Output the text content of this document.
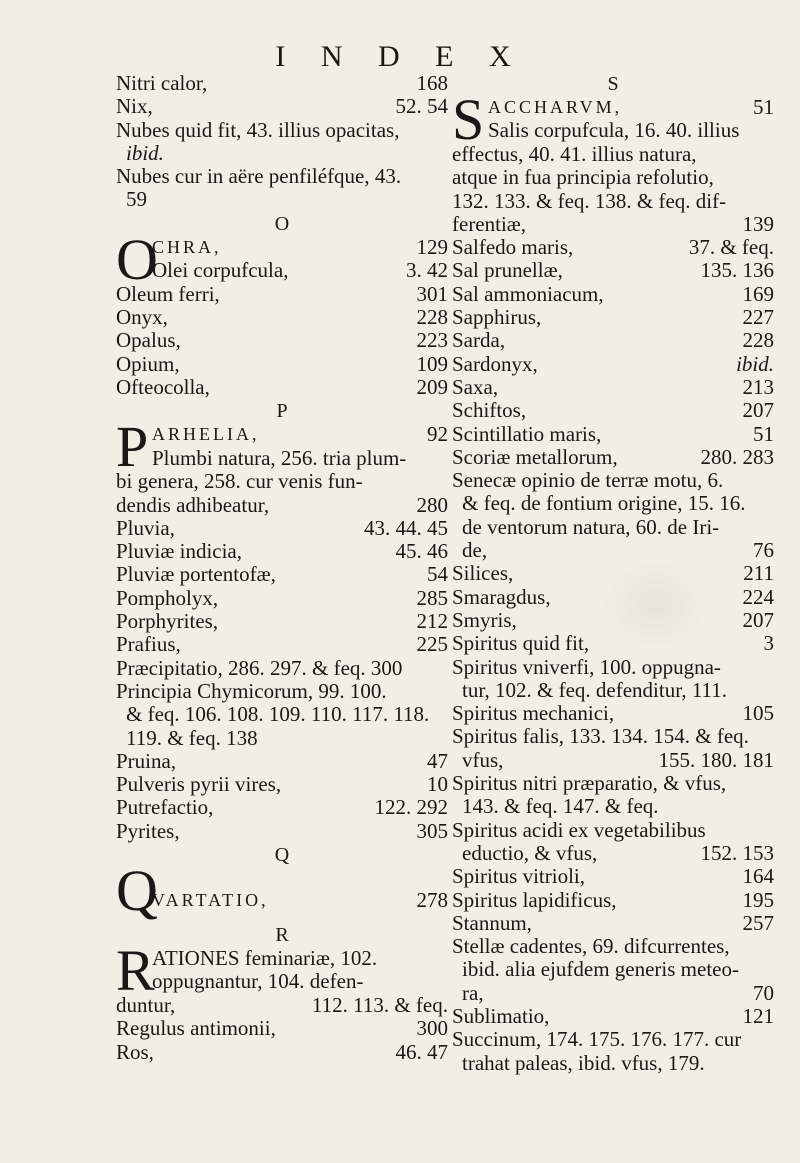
I N D E X
Nitri calor,	168
Nix,	52. 54
Nubes quid fit, 43. illius opacitas,
ibid.
Nubes cur in aëre penfiléfque, 43.
59
O
O
CHRA,	129
Olei corpufcula,	3. 42
Oleum ferri,	301
Onyx,	228
Opalus,	223
Opium,	109
Ofteocolla,	209
P
P ARHELIA,	92
Plumbi natura, 256. tria plum-
bi genera, 258. cur venis fun-
dendis adhibeatur,	280
Pluvia,	43. 44. 45
Pluviæ indicia,	45. 46
Pluviæ portentofæ,	54
Pompholyx,	285
Porphyrites,	212
Prafius,	225
Præcipitatio, 286. 297. & feq. 300
Principia Chymicorum, 99. 100.
& feq. 106. 108. 109. 110. 117. 118.
119. & feq. 138
Pruina,	47
Pulveris pyrii vires,	10
Putrefactio,	122. 292
Pyrites,	305
Q
Q
VARTATIO,	278
R
R
ATIONES feminariæ, 102.
oppugnantur, 104. defen-
duntur,	112. 113. & feq.
Regulus antimonii,	300
Ros,	46. 47
S
S ACCHARVM,	51
Salis corpufcula, 16. 40. illius
effectus, 40. 41. illius natura,
atque in fua principia refolutio,
132. 133. & feq. 138. & feq. dif-
ferentiæ,	139
Salfedo maris,	37. & feq.
Sal prunellæ,	135. 136
Sal ammoniacum,	169
Sapphirus,	227
Sarda,	228
Sardonyx,	ibid.
Saxa,	213
Schiftos,	207
Scintillatio maris,	51
Scoriæ metallorum,	280. 283
Senecæ opinio de terræ motu, 6.
& feq. de fontium origine, 15. 16.
de ventorum natura, 60. de Iri-
de,	76
Silices,	211
Smaragdus,	224
Smyris,	207
Spiritus quid fit,	3
Spiritus vniverfi, 100. oppugna-
tur, 102. & feq. defenditur, 111.
Spiritus mechanici,	105
Spiritus falis, 133. 134. 154. & feq.
vfus,	155. 180. 181
Spiritus nitri præparatio, & vfus,
143. & feq. 147. & feq.
Spiritus acidi ex vegetabilibus
eductio, & vfus,	152. 153
Spiritus vitrioli,	164
Spiritus lapidificus,	195
Stannum,	257
Stellæ cadentes, 69. difcurrentes,
ibid. alia ejufdem generis meteo-
ra,	70
Sublimatio,	121
Succinum, 174. 175. 176. 177. cur
trahat paleas, ibid. vfus, 179.
